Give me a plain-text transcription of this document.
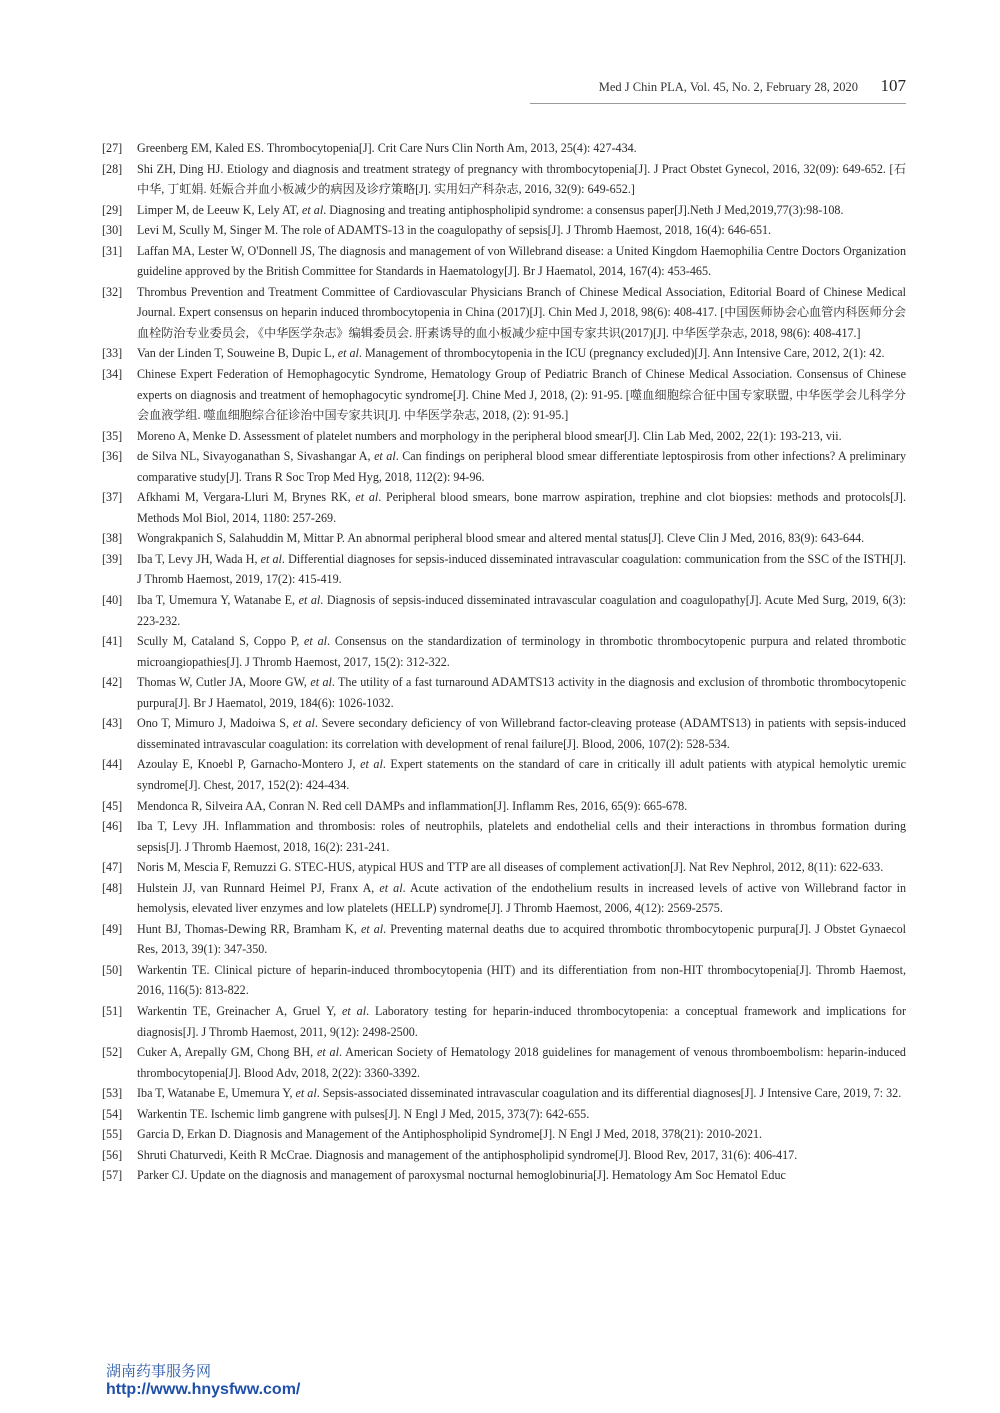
Med J Chin PLA, Vol. 45, No. 2, February 28, 2020 107
[27] Greenberg EM, Kaled ES. Thrombocytopenia[J]. Crit Care Nurs Clin North Am, 2013, 25(4): 427-434.
[28] Shi ZH, Ding HJ. Etiology and diagnosis and treatment strategy of pregnancy with thrombocytopenia[J]. J Pract Obstet Gynecol, 2016, 32(09): 649-652. [石中华, 丁虹娟. 妊娠合并血小板减少的病因及诊疗策略[J]. 实用妇产科杂志, 2016, 32(9): 649-652.]
[29] Limper M, de Leeuw K, Lely AT, et al. Diagnosing and treating antiphospholipid syndrome: a consensus paper[J].Neth J Med,2019,77(3):98-108.
[30] Levi M, Scully M, Singer M. The role of ADAMTS-13 in the coagulopathy of sepsis[J]. J Thromb Haemost, 2018, 16(4): 646-651.
[31] Laffan MA, Lester W, O'Donnell JS, The diagnosis and management of von Willebrand disease: a United Kingdom Haemophilia Centre Doctors Organization guideline approved by the British Committee for Standards in Haematology[J]. Br J Haematol, 2014, 167(4): 453-465.
[32] Thrombus Prevention and Treatment Committee of Cardiovascular Physicians Branch of Chinese Medical Association, Editorial Board of Chinese Medical Journal. Expert consensus on heparin induced thrombocytopenia in China (2017)[J]. Chin Med J, 2018, 98(6): 408-417. [中国医师协会心血管内科医师分会血栓防治专业委员会, 《中华医学杂志》编辑委员会. 肝素诱导的血小板减少症中国专家共识(2017)[J]. 中华医学杂志, 2018, 98(6): 408-417.]
[33] Van der Linden T, Souweine B, Dupic L, et al. Management of thrombocytopenia in the ICU (pregnancy excluded)[J]. Ann Intensive Care, 2012, 2(1): 42.
[34] Chinese Expert Federation of Hemophagocytic Syndrome, Hematology Group of Pediatric Branch of Chinese Medical Association. Consensus of Chinese experts on diagnosis and treatment of hemophagocytic syndrome[J]. Chine Med J, 2018, (2): 91-95. [噬血细胞综合征中国专家联盟, 中华医学会儿科学分会血液学组. 噬血细胞综合征诊治中国专家共识[J]. 中华医学杂志, 2018, (2): 91-95.]
[35] Moreno A, Menke D. Assessment of platelet numbers and morphology in the peripheral blood smear[J]. Clin Lab Med, 2002, 22(1): 193-213, vii.
[36] de Silva NL, Sivayoganathan S, Sivashangar A, et al. Can findings on peripheral blood smear differentiate leptospirosis from other infections? A preliminary comparative study[J]. Trans R Soc Trop Med Hyg, 2018, 112(2): 94-96.
[37] Afkhami M, Vergara-Lluri M, Brynes RK, et al. Peripheral blood smears, bone marrow aspiration, trephine and clot biopsies: methods and protocols[J]. Methods Mol Biol, 2014, 1180: 257-269.
[38] Wongrakpanich S, Salahuddin M, Mittar P. An abnormal peripheral blood smear and altered mental status[J]. Cleve Clin J Med, 2016, 83(9): 643-644.
[39] Iba T, Levy JH, Wada H, et al. Differential diagnoses for sepsis-induced disseminated intravascular coagulation: communication from the SSC of the ISTH[J]. J Thromb Haemost, 2019, 17(2): 415-419.
[40] Iba T, Umemura Y, Watanabe E, et al. Diagnosis of sepsis-induced disseminated intravascular coagulation and coagulopathy[J]. Acute Med Surg, 2019, 6(3): 223-232.
[41] Scully M, Cataland S, Coppo P, et al. Consensus on the standardization of terminology in thrombotic thrombocytopenic purpura and related thrombotic microangiopathies[J]. J Thromb Haemost, 2017, 15(2): 312-322.
[42] Thomas W, Cutler JA, Moore GW, et al. The utility of a fast turnaround ADAMTS13 activity in the diagnosis and exclusion of thrombotic thrombocytopenic purpura[J]. Br J Haematol, 2019, 184(6): 1026-1032.
[43] Ono T, Mimuro J, Madoiwa S, et al. Severe secondary deficiency of von Willebrand factor-cleaving protease (ADAMTS13) in patients with sepsis-induced disseminated intravascular coagulation: its correlation with development of renal failure[J]. Blood, 2006, 107(2): 528-534.
[44] Azoulay E, Knoebl P, Garnacho-Montero J, et al. Expert statements on the standard of care in critically ill adult patients with atypical hemolytic uremic syndrome[J]. Chest, 2017, 152(2): 424-434.
[45] Mendonca R, Silveira AA, Conran N. Red cell DAMPs and inflammation[J]. Inflamm Res, 2016, 65(9): 665-678.
[46] Iba T, Levy JH. Inflammation and thrombosis: roles of neutrophils, platelets and endothelial cells and their interactions in thrombus formation during sepsis[J]. J Thromb Haemost, 2018, 16(2): 231-241.
[47] Noris M, Mescia F, Remuzzi G. STEC-HUS, atypical HUS and TTP are all diseases of complement activation[J]. Nat Rev Nephrol, 2012, 8(11): 622-633.
[48] Hulstein JJ, van Runnard Heimel PJ, Franx A, et al. Acute activation of the endothelium results in increased levels of active von Willebrand factor in hemolysis, elevated liver enzymes and low platelets (HELLP) syndrome[J]. J Thromb Haemost, 2006, 4(12): 2569-2575.
[49] Hunt BJ, Thomas-Dewing RR, Bramham K, et al. Preventing maternal deaths due to acquired thrombotic thrombocytopenic purpura[J]. J Obstet Gynaecol Res, 2013, 39(1): 347-350.
[50] Warkentin TE. Clinical picture of heparin-induced thrombocytopenia (HIT) and its differentiation from non-HIT thrombocytopenia[J]. Thromb Haemost, 2016, 116(5): 813-822.
[51] Warkentin TE, Greinacher A, Gruel Y, et al. Laboratory testing for heparin-induced thrombocytopenia: a conceptual framework and implications for diagnosis[J]. J Thromb Haemost, 2011, 9(12): 2498-2500.
[52] Cuker A, Arepally GM, Chong BH, et al. American Society of Hematology 2018 guidelines for management of venous thromboembolism: heparin-induced thrombocytopenia[J]. Blood Adv, 2018, 2(22): 3360-3392.
[53] Iba T, Watanabe E, Umemura Y, et al. Sepsis-associated disseminated intravascular coagulation and its differential diagnoses[J]. J Intensive Care, 2019, 7: 32.
[54] Warkentin TE. Ischemic limb gangrene with pulses[J]. N Engl J Med, 2015, 373(7): 642-655.
[55] Garcia D, Erkan D. Diagnosis and Management of the Antiphospholipid Syndrome[J]. N Engl J Med, 2018, 378(21): 2010-2021.
[56] Shruti Chaturvedi, Keith R McCrae. Diagnosis and management of the antiphospholipid syndrome[J]. Blood Rev, 2017, 31(6): 406-417.
[57] Parker CJ. Update on the diagnosis and management of paroxysmal nocturnal hemoglobinuria[J]. Hematology Am Soc Hematol Educ
湖南药事服务网
http://www.hnysfww.com/
